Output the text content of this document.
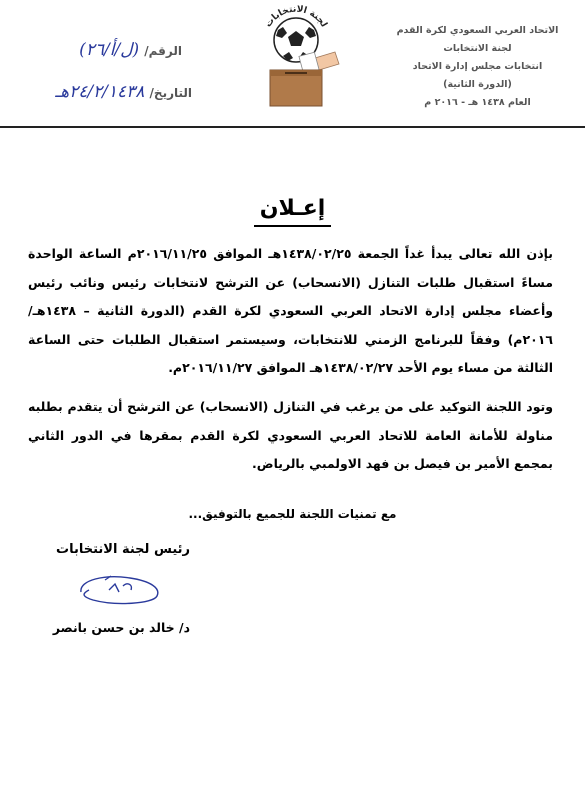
الاتحاد العربي السعودي لكرة القدم
لجنة الانتخابات
انتخابات مجلس إدارة الاتحاد
(الدورة الثانية)
العام ١٤٣٨ هـ - ٢٠١٦ م
لجنة الانتخابات
الرقم/ (ل/أ/٢٦)
التاريخ/ ٢٤/٢/١٤٣٨هـ
إعـلان

بإذن الله تعالى يبدأ غداً الجمعة ١٤٣٨/٠٢/٢٥هـ الموافق ٢٠١٦/١١/٢٥م الساعة الواحدة مساءً استقبال طلبات التنازل (الانسحاب) عن الترشح لانتخابات رئيس ونائب رئيس وأعضاء مجلس إدارة الاتحاد العربي السعودي لكرة القدم (الدورة الثانية – ١٤٣٨هـ/٢٠١٦م) وفقاً للبرنامج الزمني للانتخابات، وسيستمر استقبال الطلبات حتى الساعة الثالثة من مساء يوم الأحد ١٤٣٨/٠٢/٢٧هـ الموافق ٢٠١٦/١١/٢٧م.

وتود اللجنة التوكيد على من يرغب في التنازل (الانسحاب) عن الترشح أن يتقدم بطلبه مناولة للأمانة العامة للاتحاد العربي السعودي لكرة القدم بمقرها في الدور الثاني بمجمع الأمير بن فيصل بن فهد الاولمبي بالرياض.

مع تمنيات اللجنة للجميع بالتوفيق...
رئيس لجنة الانتخابات
د/ خالد بن حسن بانصر
